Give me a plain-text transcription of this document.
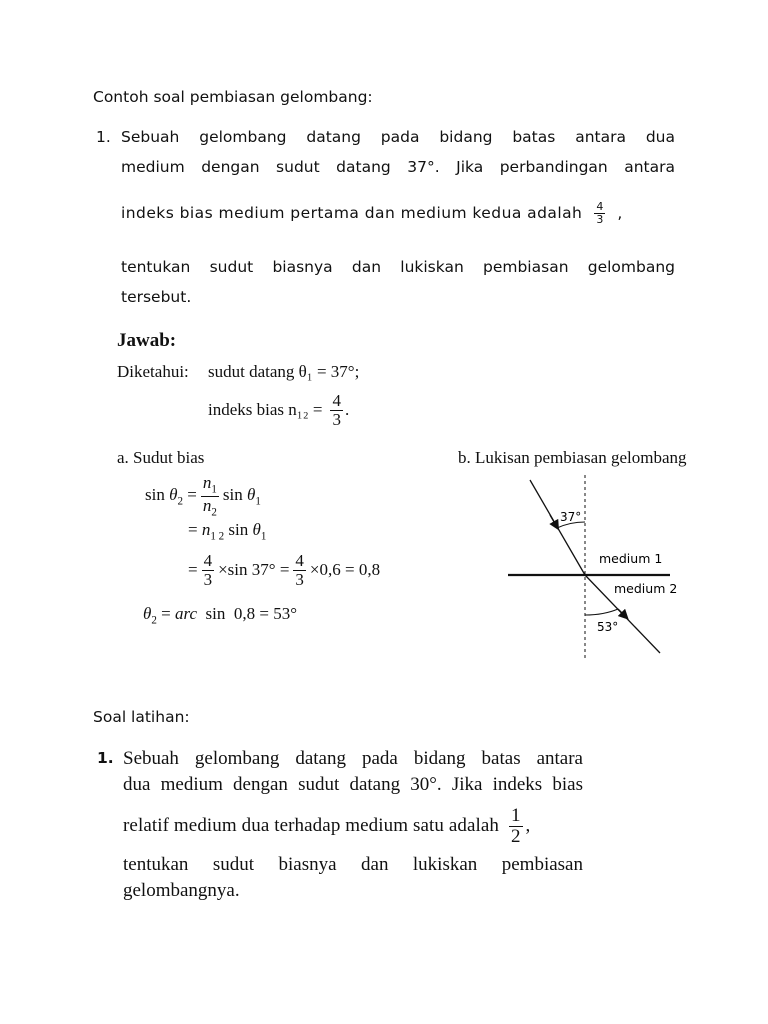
Contoh soal pembiasan gelombang:
1. Sebuah gelombang datang pada bidang batas antara dua
medium dengan sudut datang 37°. Jika perbandingan antara
indeks bias medium pertama dan medium kedua adalah $\frac{4}{3}$ ,
tentukan sudut biasnya dan lukiskan pembiasan gelombang
tersebut.
Jawab:
Diketahui: sudut datang θ₁ = 37°;
indeks bias $n_{12} = \frac{4}{3}$ .
a. Sudut bias	b. Lukisan pembiasan gelombang
$\sin \theta_2 = \frac{n_1}{n_2}$ $\sin \theta_1$
= $n_{1 2}$ $\sin \theta_1$
= $\frac{4}{3} \times\sin$ $37^\circ = \frac{4}{3} \times 0,6 = 0,8$
$\theta_2$ = arc  sin  0,8 = 53°
37°
53°
medium 1
medium 2
Soal latihan:
1. Sebuah gelombang datang pada bidang batas antara
dua medium dengan sudut datang 30°. Jika indeks bias
relatif medium dua terhadap medium satu adalah $\frac{1}{2}$ ,
tentukan sudut biasnya dan lukiskan pembiasan
gelombangnya.
